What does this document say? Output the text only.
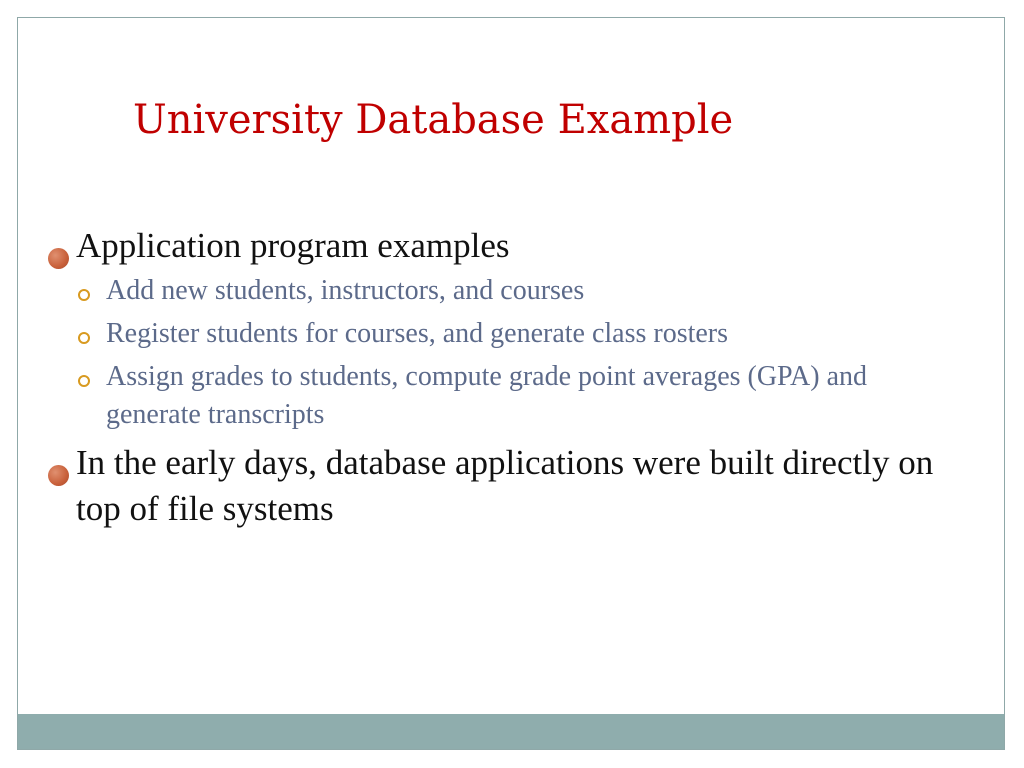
University Database Example
Application program examples
Add new students, instructors, and courses
Register students for courses, and generate class rosters
Assign grades to students, compute grade point averages (GPA) and generate transcripts
In the early days, database applications were built directly on top of file systems
